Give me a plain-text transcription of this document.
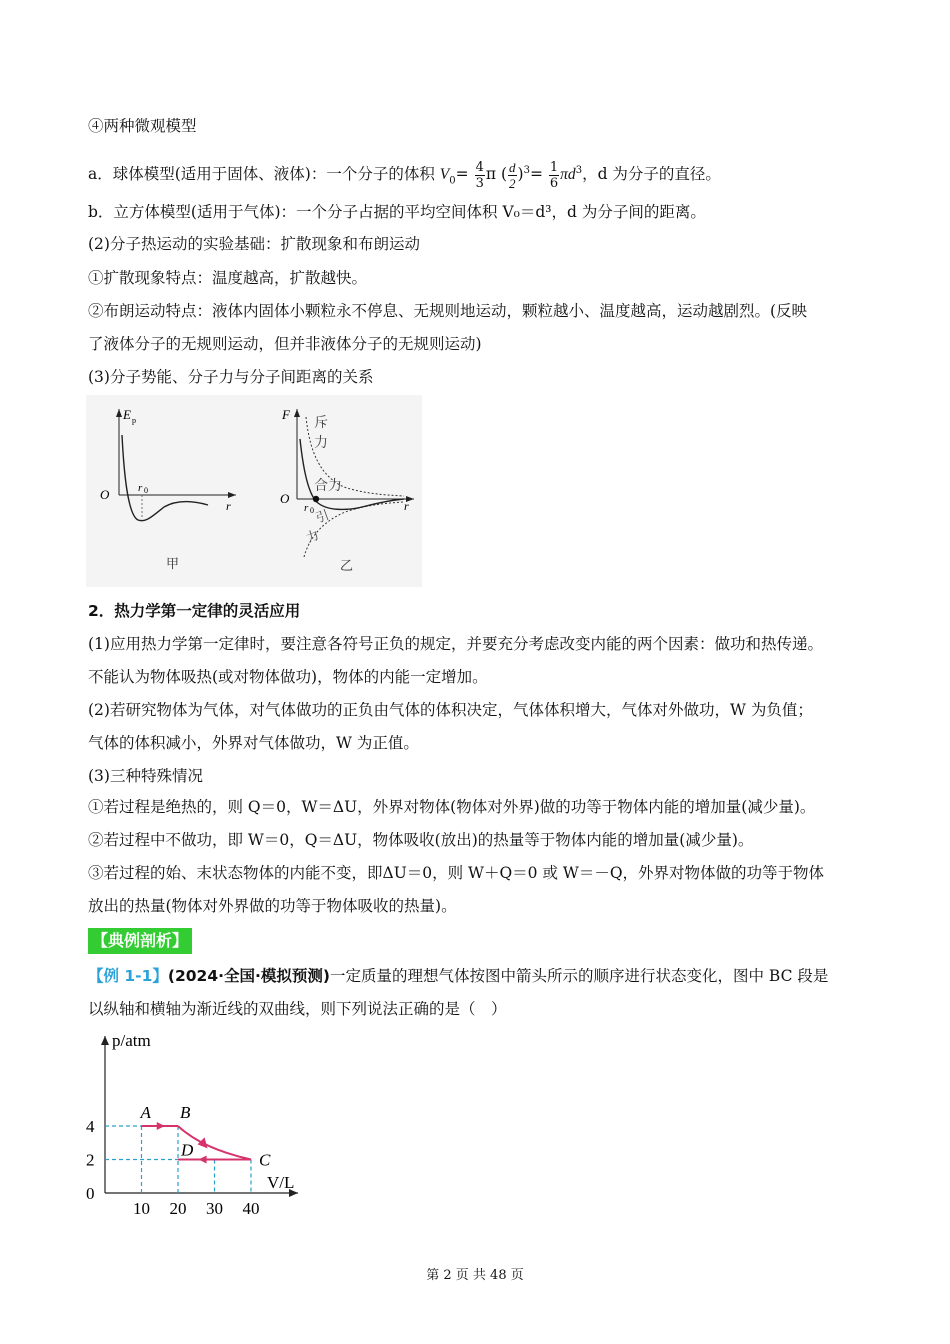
④两种微观模型
a．球体模型(适用于固体、液体)：一个分子的体积 $V_0= \frac{4}{3}$ π ( $\frac{d}{2} )^3= \frac{1}{6} \pi d^3$，d 为分子的直径。
b．立方体模型(适用于气体)：一个分子占据的平均空间体积 V₀＝d³，d 为分子间的距离。
(2)分子热运动的实验基础：扩散现象和布朗运动
①扩散现象特点：温度越高，扩散越快。
②布朗运动特点：液体内固体小颗粒永不停息、无规则地运动，颗粒越小、温度越高，运动越剧烈。(反映
了液体分子的无规则运动，但并非液体分子的无规则运动)
(3)分子势能、分子力与分子间距离的关系
E p
O	r 0
r
甲
F
斥
力
合力
O
r 0 引
力
r
乙
2．热力学第一定律的灵活应用
(1)应用热力学第一定律时，要注意各符号正负的规定，并要充分考虑改变内能的两个因素：做功和热传递。
不能认为物体吸热(或对物体做功)，物体的内能一定增加。
(2)若研究物体为气体，对气体做功的正负由气体的体积决定，气体体积增大，气体对外做功，W 为负值；
气体的体积减小，外界对气体做功，W 为正值。
(3)三种特殊情况
①若过程是绝热的，则 Q＝0，W＝ΔU，外界对物体(物体对外界)做的功等于物体内能的增加量(减少量)。
②若过程中不做功，即 W＝0，Q＝ΔU，物体吸收(放出)的热量等于物体内能的增加量(减少量)。
③若过程的始、末状态物体的内能不变，即ΔU＝0，则 W＋Q＝0 或 W＝－Q，外界对物体做的功等于物体
放出的热量(物体对外界做的功等于物体吸收的热量)。
【典例剖析】
【例 1-1】(2024·全国·模拟预测)一定质量的理想气体按图中箭头所示的顺序进行状态变化，图中 BC 段是
以纵轴和横轴为渐近线的双曲线，则下列说法正确的是（　）
p/atm
V/L
0
A B
C
D
10 20 30 40
2
4
第 2 页 共 48 页
